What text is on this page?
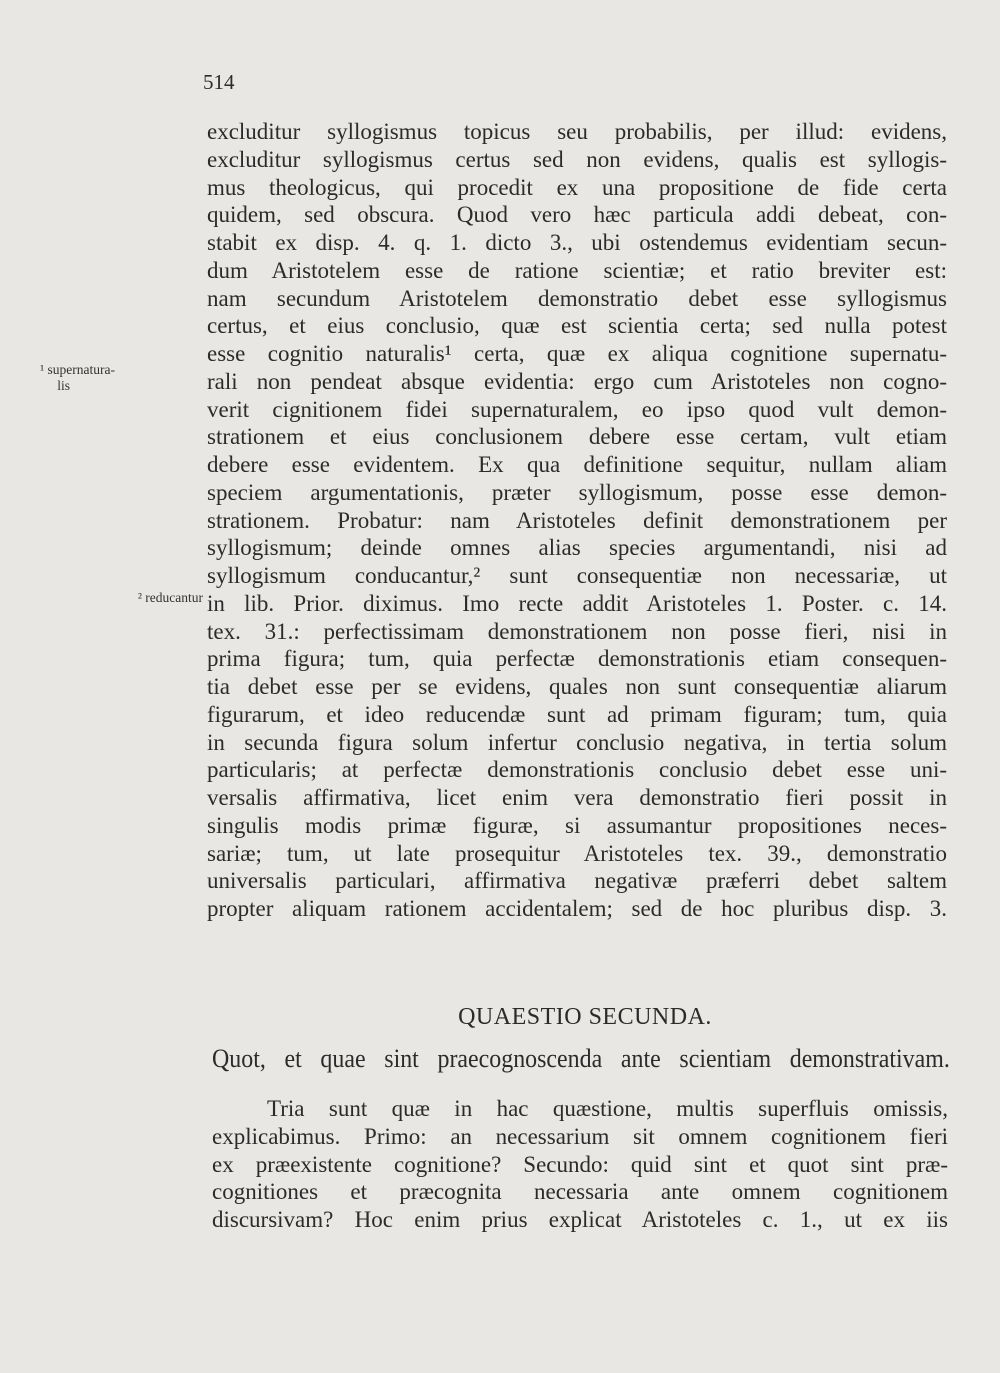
514
excluditur syllogismus topicus seu probabilis, per illud: evidens,
excluditur syllogismus certus sed non evidens, qualis est syllogis-
mus theologicus, qui procedit ex una propositione de fide certa
quidem, sed obscura. Quod vero hæc particula addi debeat, con-
stabit ex disp. 4. q. 1. dicto 3., ubi ostendemus evidentiam secun-
dum Aristotelem esse de ratione scientiæ; et ratio breviter est:
nam secundum Aristotelem demonstratio debet esse syllogismus
certus, et eius conclusio, quæ est scientia certa; sed nulla potest
esse cognitio naturalis¹ certa, quæ ex aliqua cognitione supernatu-
rali non pendeat absque evidentia: ergo cum Aristoteles non cogno-
verit cignitionem fidei supernaturalem, eo ipso quod vult demon-
strationem et eius conclusionem debere esse certam, vult etiam
debere esse evidentem. Ex qua definitione sequitur, nullam aliam
speciem argumentationis, præter syllogismum, posse esse demon-
strationem. Probatur: nam Aristoteles definit demonstrationem per
syllogismum; deinde omnes alias species argumentandi, nisi ad
syllogismum conducantur,² sunt consequentiæ non necessariæ, ut
in lib. Prior. diximus. Imo recte addit Aristoteles 1. Poster. c. 14.
tex. 31.: perfectissimam demonstrationem non posse fieri, nisi in
prima figura; tum, quia perfectæ demonstrationis etiam consequen-
tia debet esse per se evidens, quales non sunt consequentiæ aliarum
figurarum, et ideo reducendæ sunt ad primam figuram; tum, quia
in secunda figura solum infertur conclusio negativa, in tertia solum
particularis; at perfectæ demonstrationis conclusio debet esse uni-
versalis affirmativa, licet enim vera demonstratio fieri possit in
singulis modis primæ figuræ, si assumantur propositiones neces-
sariæ; tum, ut late prosequitur Aristoteles tex. 39., demonstratio
universalis particulari, affirmativa negativæ præferri debet saltem
propter aliquam rationem accidentalem; sed de hoc pluribus disp. 3.
¹ supernatura-
lis
² reducantur
QUAESTIO SECUNDA.
Quot, et quae sint praecognoscenda ante scientiam demonstrativam.
Tria sunt quæ in hac quæstione, multis superfluis omissis,
explicabimus. Primo: an necessarium sit omnem cognitionem fieri
ex præexistente cognitione? Secundo: quid sint et quot sint præ-
cognitiones et præcognita necessaria ante omnem cognitionem
discursivam? Hoc enim prius explicat Aristoteles c. 1., ut ex iis
